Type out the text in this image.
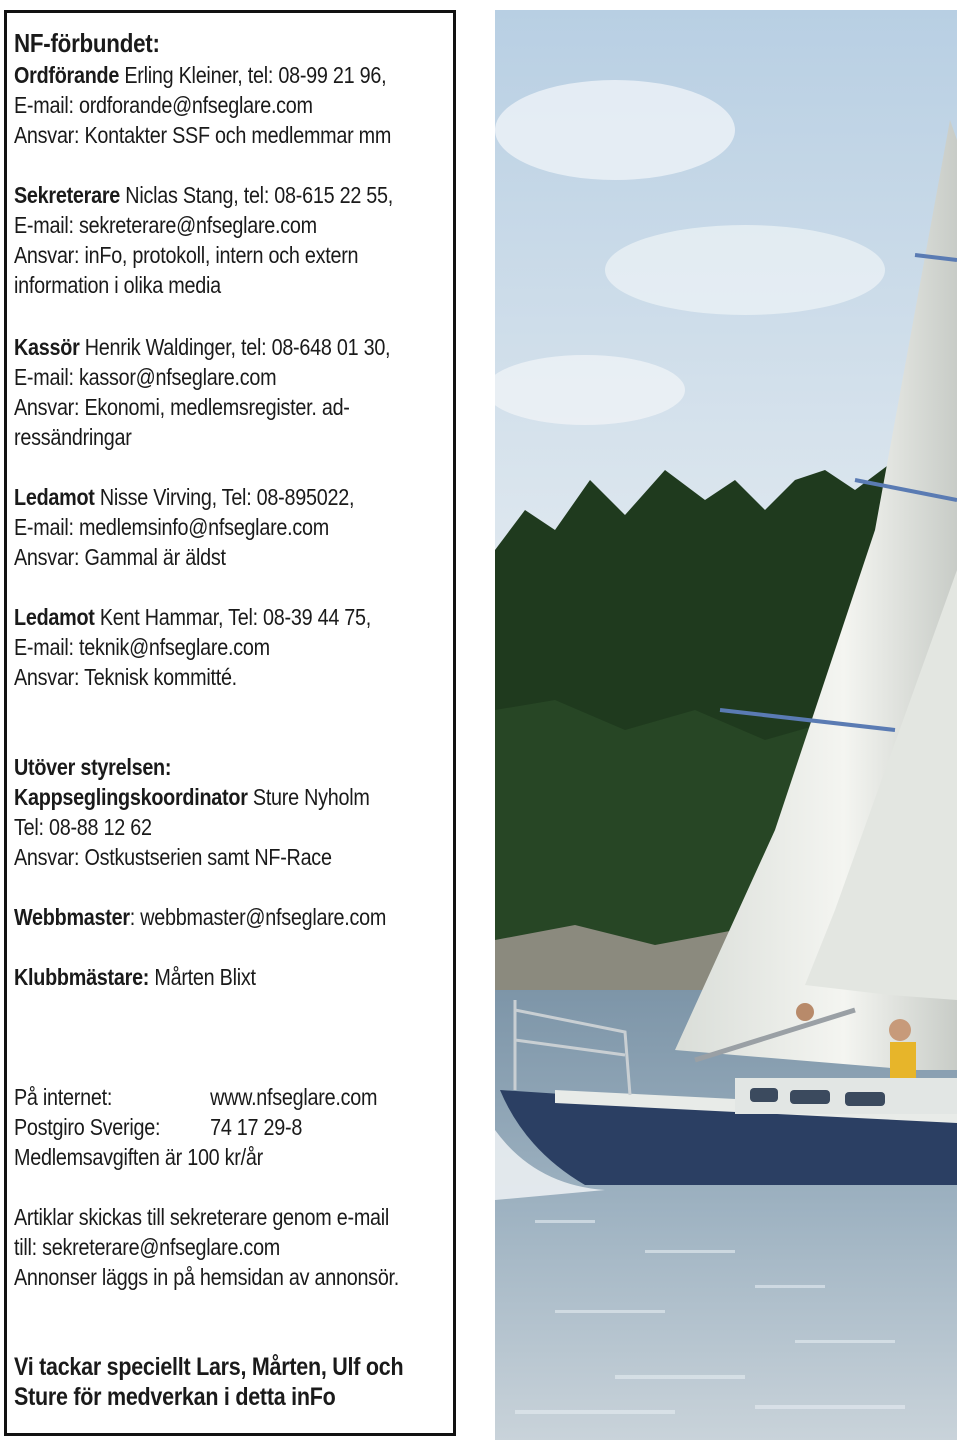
NF-förbundet:
Ordförande Erling Kleiner, tel: 08-99 21 96,
E-mail: ordforande@nfseglare.com
Ansvar: Kontakter SSF och medlemmar mm
Sekreterare Niclas Stang, tel: 08-615 22 55,
E-mail: sekreterare@nfseglare.com
Ansvar: inFo, protokoll, intern och extern
information i olika media
Kassör Henrik Waldinger, tel: 08-648 01 30,
E-mail: kassor@nfseglare.com
Ansvar: Ekonomi, medlemsregister. ad-
ressändringar
Ledamot Nisse Virving, Tel: 08-895022,
E-mail: medlemsinfo@nfseglare.com
Ansvar: Gammal är äldst
Ledamot Kent Hammar, Tel: 08-39 44 75,
E-mail: teknik@nfseglare.com
Ansvar: Teknisk kommitté.
Utöver styrelsen:
Kappseglingskoordinator Sture Nyholm
Tel: 08-88 12 62
Ansvar: Ostkustserien samt NF-Race
Webbmaster: webbmaster@nfseglare.com
Klubbmästare: Mårten Blixt
På internet:	www.nfseglare.com
Postgiro Sverige: 74 17 29-8
Medlemsavgiften är 100 kr/år
Artiklar skickas till sekreterare genom e-mail
till: sekreterare@nfseglare.com
Annonser läggs in på hemsidan av annonsör.
Vi tackar speciellt Lars, Mårten, Ulf och
Sture för medverkan i detta inFo
